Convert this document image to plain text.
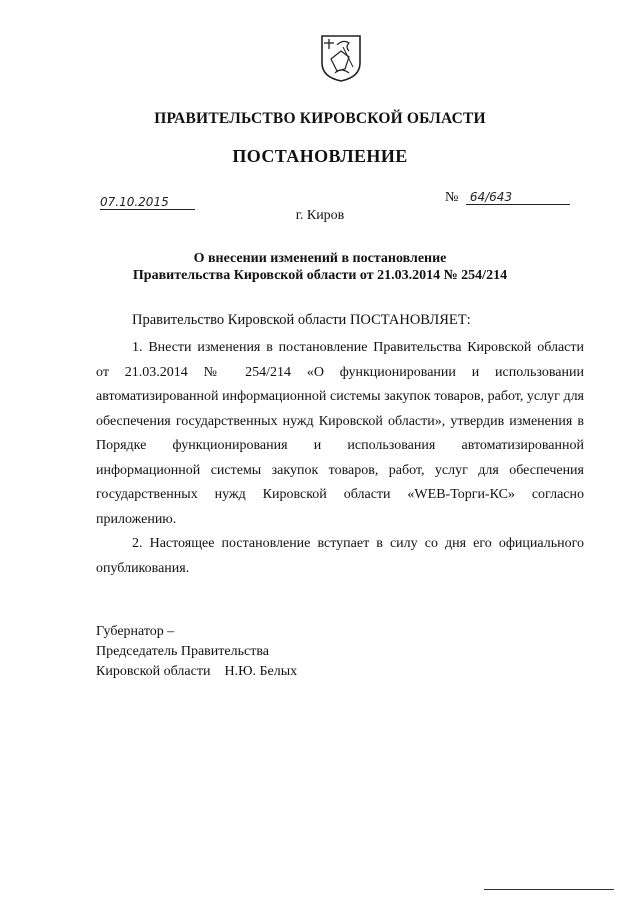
ПРАВИТЕЛЬСТВО КИРОВСКОЙ ОБЛАСТИ
ПОСТАНОВЛЕНИЕ
07.10.2015	№ 64/643
г. Киров
О внесении изменений в постановление
Правительства Кировской области от 21.03.2014 № 254/214
Правительство Кировской области ПОСТАНОВЛЯЕТ:

1. Внести изменения в постановление Правительства Кировской области от 21.03.2014 № 254/214 «О функционировании и использовании автоматизированной информационной системы закупок товаров, работ, услуг для обеспечения государственных нужд Кировской области», утвердив изменения в Порядке функционирования и использования автоматизированной информационной системы закупок товаров, работ, услуг для обеспечения государственных нужд Кировской области «WEB-Торги-КС» согласно приложению.

2. Настоящее постановление вступает в силу со дня его официального опубликования.

Губернатор –
Председатель Правительства
Кировской области    Н.Ю. Белых
